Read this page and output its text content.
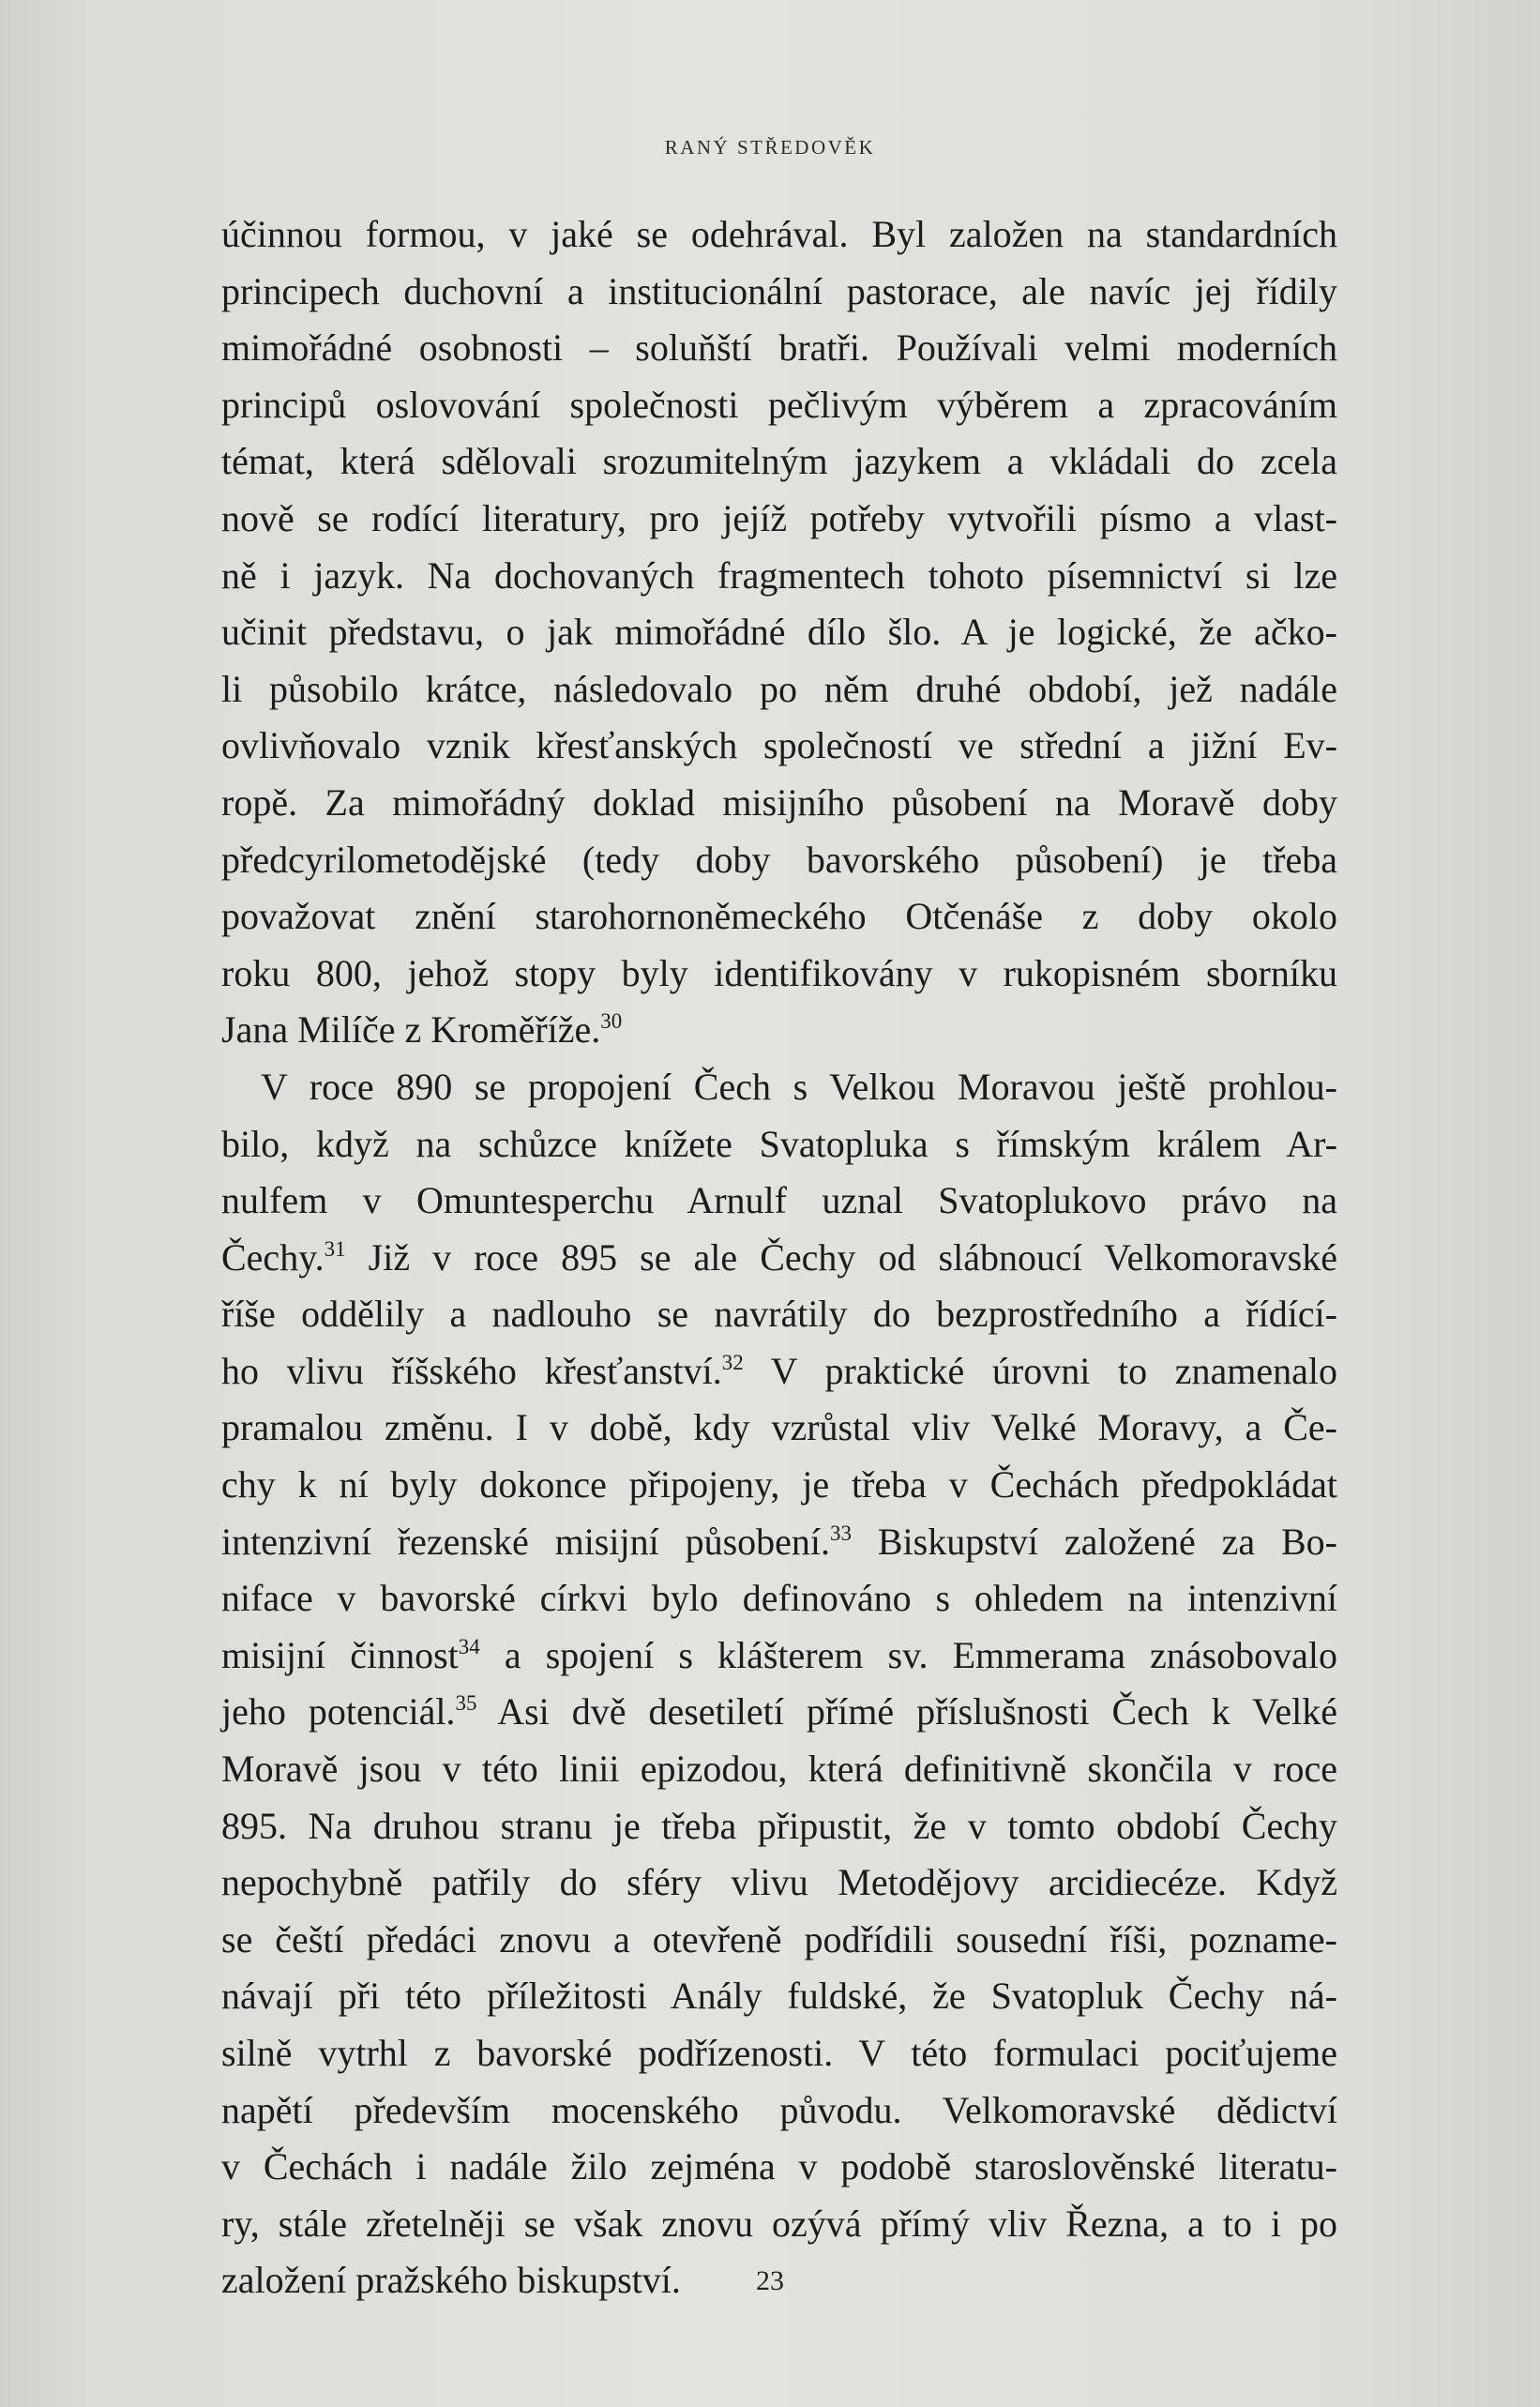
RANÝ STŘEDOVĚK
účinnou formou, v jaké se odehrával. Byl založen na standardních
principech duchovní a institucionální pastorace, ale navíc jej řídily
mimořádné osobnosti – soluňští bratři. Používali velmi moderních
principů oslovování společnosti pečlivým výběrem a zpracováním
témat, která sdělovali srozumitelným jazykem a vkládali do zcela
nově se rodící literatury, pro jejíž potřeby vytvořili písmo a vlast-
ně i jazyk. Na dochovaných fragmentech tohoto písemnictví si lze
učinit představu, o jak mimořádné dílo šlo. A je logické, že ačko-
li působilo krátce, následovalo po něm druhé období, jež nadále
ovlivňovalo vznik křesťanských společností ve střední a jižní Ev-
ropě. Za mimořádný doklad misijního působení na Moravě doby
předcyrilometodějské (tedy doby bavorského působení) je třeba
považovat znění starohornoněmeckého Otčenáše z doby okolo
roku 800, jehož stopy byly identifikovány v rukopisném sborníku
Jana Milíče z Kroměříže.$^{30}$
V roce 890 se propojení Čech s Velkou Moravou ještě prohlou-
bilo, když na schůzce knížete Svatopluka s římským králem Ar-
nulfem v Omuntesperchu Arnulf uznal Svatoplukovo právo na
Čechy.$^{31}$ Již v roce 895 se ale Čechy od slábnoucí Velkomoravské
říše oddělily a nadlouho se navrátily do bezprostředního a řídící-
ho vlivu říšského křesťanství.$^{32}$ V praktické úrovni to znamenalo
pramalou změnu. I v době, kdy vzrůstal vliv Velké Moravy, a Če-
chy k ní byly dokonce připojeny, je třeba v Čechách předpokládat
intenzivní řezenské misijní působení.$^{33}$ Biskupství založené za Bo-
niface v bavorské církvi bylo definováno s ohledem na intenzivní
misijní činnost$^{34}$ a spojení s klášterem sv. Emmerama znásobovalo
jeho potenciál.$^{35}$ Asi dvě desetiletí přímé příslušnosti Čech k Velké
Moravě jsou v této linii epizodou, která definitivně skončila v roce
895. Na druhou stranu je třeba připustit, že v tomto období Čechy
nepochybně patřily do sféry vlivu Metodějovy arcidiecéze. Když
se čeští předáci znovu a otevřeně podřídili sousední říši, pozname-
návají při této příležitosti Anály fuldské, že Svatopluk Čechy ná-
silně vytrhl z bavorské podřízenosti. V této formulaci pociťujeme
napětí především mocenského původu. Velkomoravské dědictví
v Čechách i nadále žilo zejména v podobě staroslověnské literatu-
ry, stále zřetelněji se však znovu ozývá přímý vliv Řezna, a to i po
založení pražského biskupství.	23
